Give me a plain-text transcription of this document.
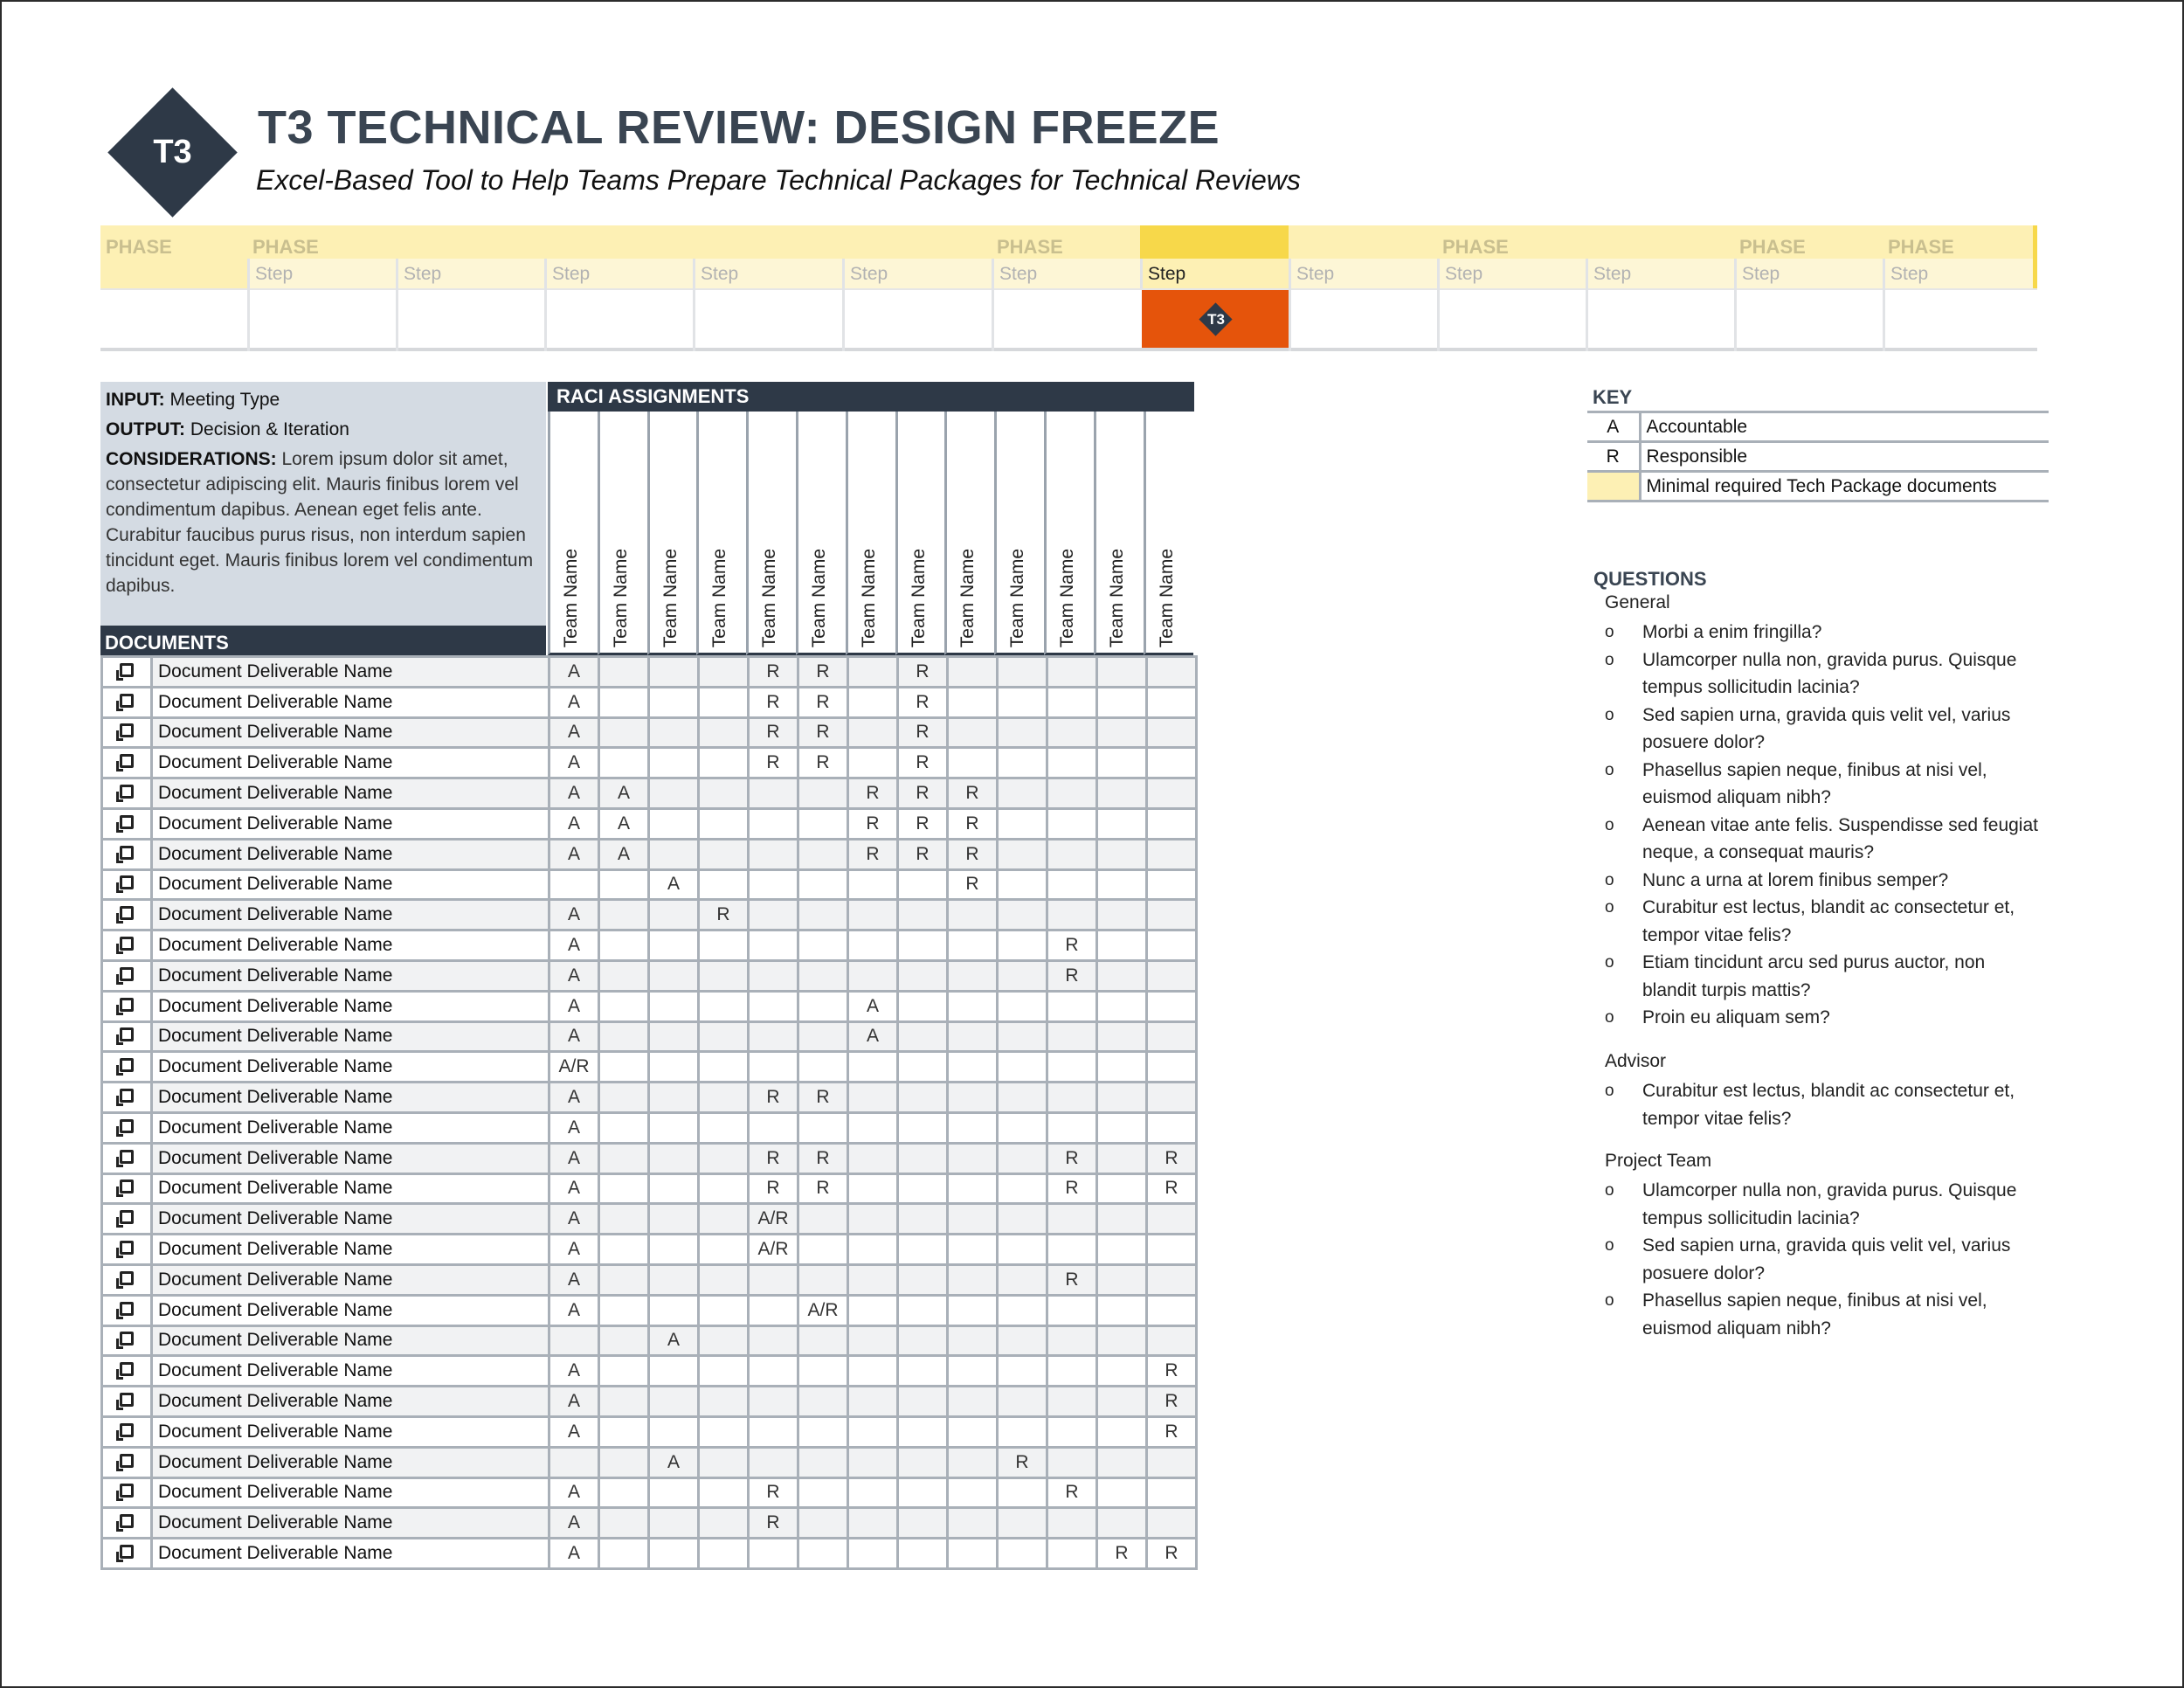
T3	T3 TECHNICAL REVIEW: DESIGN FREEZE
Excel-Based Tool to Help Teams Prepare Technical Packages for Technical Reviews
PHASE	PHASE	PHASE	PHASE	PHASE	PHASE
Step	Step	Step	Step	Step	Step	Step	Step	Step	Step	Step	Step
T3
INPUT: Meeting Type
OUTPUT: Decision & Iteration
CONSIDERATIONS: Lorem ipsum dolor sit amet, consectetur adipiscing elit. Mauris finibus lorem vel condimentum dapibus. Aenean eget felis ante. Curabitur faucibus purus risus, non interdum sapien tincidunt eget. Mauris finibus lorem vel condimentum dapibus.
DOCUMENTS
RACI ASSIGNMENTS
Team Name Team Name Team Name Team Name Team Name Team Name Team Name Team Name Team Name Team Name Team Name Team Name Team Name
	Document Deliverable Name	A				R	R		R					
	Document Deliverable Name	A				R	R		R					
	Document Deliverable Name	A				R	R		R					
	Document Deliverable Name	A				R	R		R					
	Document Deliverable Name	A	A					R	R	R				
	Document Deliverable Name	A	A					R	R	R				
	Document Deliverable Name	A	A					R	R	R				
	Document Deliverable Name			A						R				
	Document Deliverable Name	A			R									
	Document Deliverable Name	A										R		
	Document Deliverable Name	A										R		
	Document Deliverable Name	A						A						
	Document Deliverable Name	A						A						
	Document Deliverable Name	A/R												
	Document Deliverable Name	A				R	R							
	Document Deliverable Name	A												
	Document Deliverable Name	A				R	R					R		R
	Document Deliverable Name	A				R	R					R		R
	Document Deliverable Name	A				A/R								
	Document Deliverable Name	A				A/R								
	Document Deliverable Name	A										R		
	Document Deliverable Name	A					A/R							
	Document Deliverable Name			A										
	Document Deliverable Name	A												R
	Document Deliverable Name	A												R
	Document Deliverable Name	A												R
	Document Deliverable Name			A							R			
	Document Deliverable Name	A				R						R		
	Document Deliverable Name	A				R								
	Document Deliverable Name	A											R	R
KEY
A	Accountable
R	Responsible
	Minimal required Tech Package documents
QUESTIONS
General
o Morbi a enim fringilla?
o Ulamcorper nulla non, gravida purus. Quisque tempus sollicitudin lacinia?
o Sed sapien urna, gravida quis velit vel, varius posuere dolor?
o Phasellus sapien neque, finibus at nisi vel, euismod aliquam nibh?
o Aenean vitae ante felis. Suspendisse sed feugiat neque, a consequat mauris?
o Nunc a urna at lorem finibus semper?
o Curabitur est lectus, blandit ac consectetur et, tempor vitae felis?
o Etiam tincidunt arcu sed purus auctor, non blandit turpis mattis?
o Proin eu aliquam sem?
Advisor
o Curabitur est lectus, blandit ac consectetur et, tempor vitae felis?
Project Team
o Ulamcorper nulla non, gravida purus. Quisque tempus sollicitudin lacinia?
o Sed sapien urna, gravida quis velit vel, varius posuere dolor?
o Phasellus sapien neque, finibus at nisi vel, euismod aliquam nibh?
